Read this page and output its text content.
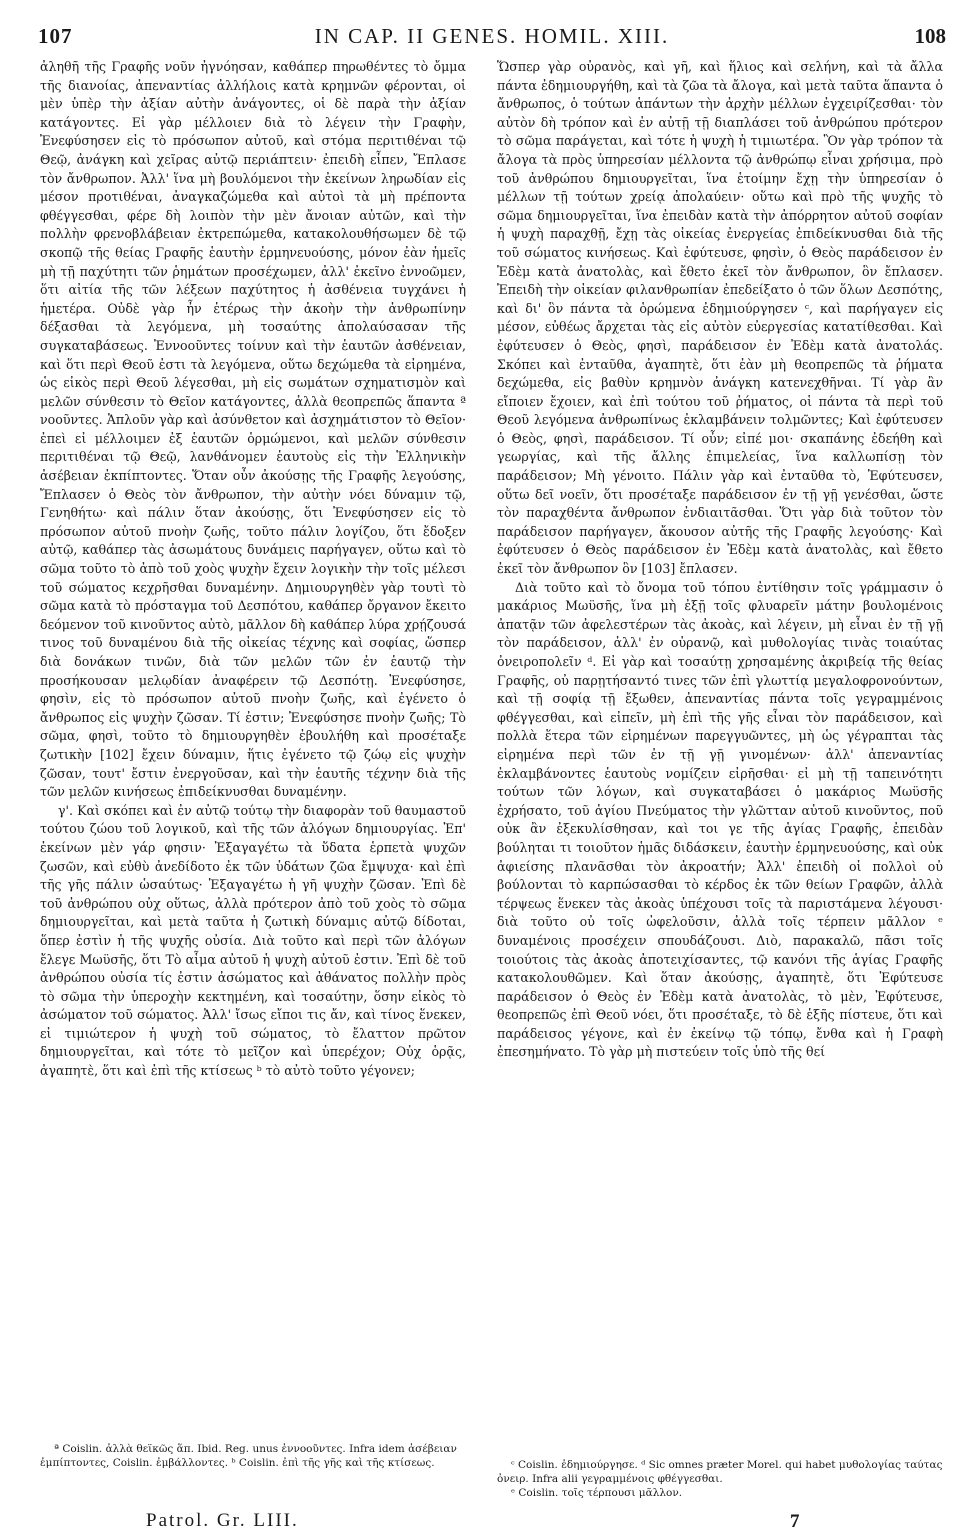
107	IN CAP. II GENES. HOMIL. XIII.	108

ἀληθῆ τῆς Γραφῆς νοῦν ἠγνόησαν, καθάπερ πηρωθέντες τὸ ὄμμα τῆς διανοίας, ἀπεναντίας ἀλλήλοις κατὰ κρημνῶν φέρονται, οἱ μὲν ὑπὲρ τὴν ἀξίαν αὐτὴν ἀνάγοντες, οἱ δὲ παρὰ τὴν ἀξίαν κατάγοντες. Εἰ γὰρ μέλλοιεν διὰ τὸ λέγειν τὴν Γραφὴν, Ἐνεφύσησεν εἰς τὸ πρόσωπον αὐτοῦ, καὶ στόμα περιτιθέναι τῷ Θεῷ, ἀνάγκη καὶ χεῖρας αὐτῷ περιάπτειν· ἐπειδὴ εἶπεν, Ἔπλασε τὸν ἄνθρωπον. Ἀλλ' ἵνα μὴ βουλόμενοι τὴν ἐκείνων ληρωδίαν εἰς μέσον προτιθέναι, ἀναγκαζώμεθα καὶ αὐτοὶ τὰ μὴ πρέποντα φθέγγεσθαι, φέρε δὴ λοιπὸν τὴν μὲν ἄνοιαν αὐτῶν, καὶ τὴν πολλὴν φρενοβλάβειαν ἐκτρεπώμεθα, κατακολουθήσωμεν δὲ τῷ σκοπῷ τῆς θείας Γραφῆς ἑαυτὴν ἑρμηνευούσης, μόνον ἐὰν ἡμεῖς μὴ τῇ παχύτητι τῶν ῥημάτων προσέχωμεν, ἀλλ' ἐκεῖνο ἐννοῶμεν, ὅτι αἰτία τῆς τῶν λέξεων παχύτητος ἡ ἀσθένεια τυγχάνει ἡ ἡμετέρα. Οὐδὲ γὰρ ἦν ἑτέρως τὴν ἀκοὴν τὴν ἀνθρωπίνην δέξασθαι τὰ λεγόμενα, μὴ τοσαύτης ἀπολαύσασαν τῆς συγκαταβάσεως. Ἐννοοῦντες τοίνυν καὶ τὴν ἑαυτῶν ἀσθένειαν, καὶ ὅτι περὶ Θεοῦ ἐστι τὰ λεγόμενα, οὕτω δεχώμεθα τὰ εἰρημένα, ὡς εἰκὸς περὶ Θεοῦ λέγεσθαι, μὴ εἰς σωμάτων σχηματισμὸν καὶ μελῶν σύνθεσιν τὸ Θεῖον κατάγοντες, ἀλλὰ θεοπρεπῶς ἅπαντα ª νοοῦντες. Ἁπλοῦν γὰρ καὶ ἀσύνθετον καὶ ἀσχημάτιστον τὸ Θεῖον· ἐπεὶ εἰ μέλλοιμεν ἐξ ἑαυτῶν ὁρμώμενοι, καὶ μελῶν σύνθεσιν περιτιθέναι τῷ Θεῷ, λανθάνομεν ἑαυτοὺς εἰς τὴν Ἑλληνικὴν ἀσέβειαν ἐκπίπτοντες. Ὅταν οὖν ἀκούσῃς τῆς Γραφῆς λεγούσης, Ἔπλασεν ὁ Θεὸς τὸν ἄνθρωπον, τὴν αὐτὴν νόει δύναμιν τῷ, Γενηθήτω· καὶ πάλιν ὅταν ἀκούσῃς, ὅτι Ἐνεφύσησεν εἰς τὸ πρόσωπον αὐτοῦ πνοὴν ζωῆς, τοῦτο πάλιν λογίζου, ὅτι ἔδοξεν αὐτῷ, καθάπερ τὰς ἀσωμάτους δυνάμεις παρήγαγεν, οὕτω καὶ τὸ σῶμα τοῦτο τὸ ἀπὸ τοῦ χοὸς ψυχὴν ἔχειν λογικὴν τὴν τοῖς μέλεσι τοῦ σώματος κεχρῆσθαι δυναμένην. Δημιουργηθὲν γὰρ τουτὶ τὸ σῶμα κατὰ τὸ πρόσταγμα τοῦ Δεσπότου, καθάπερ ὄργανον ἔκειτο δεόμενον τοῦ κινοῦντος αὐτὸ, μᾶλλον δὴ καθάπερ λύρα χρῄζουσά τινος τοῦ δυναμένου διὰ τῆς οἰκείας τέχνης καὶ σοφίας, ὥσπερ διὰ δονάκων τινῶν, διὰ τῶν μελῶν τῶν ἐν ἑαυτῷ τὴν προσήκουσαν μελῳδίαν ἀναφέρειν τῷ Δεσπότῃ. Ἐνεφύσησε, φησὶν, εἰς τὸ πρόσωπον αὐτοῦ πνοὴν ζωῆς, καὶ ἐγένετο ὁ ἄνθρωπος εἰς ψυχὴν ζῶσαν. Τί ἐστιν; Ἐνεφύσησε πνοὴν ζωῆς; Τὸ σῶμα, φησὶ, τοῦτο τὸ δημιουργηθὲν ἐβουλήθη καὶ προσέταξε ζωτικὴν [102] ἔχειν δύναμιν, ἥτις ἐγένετο τῷ ζώῳ εἰς ψυχὴν ζῶσαν, τουτ' ἔστιν ἐνεργοῦσαν, καὶ τὴν ἑαυτῆς τέχνην διὰ τῆς τῶν μελῶν κινήσεως ἐπιδείκνυσθαι δυναμένην.

γ'. Καὶ σκόπει καὶ ἐν αὐτῷ τούτῳ τὴν διαφορὰν τοῦ θαυμαστοῦ τούτου ζώου τοῦ λογικοῦ, καὶ τῆς τῶν ἀλόγων δημιουργίας. Ἐπ' ἐκείνων μὲν γάρ φησιν· Ἐξαγαγέτω τὰ ὕδατα ἑρπετὰ ψυχῶν ζωσῶν, καὶ εὐθὺ ἀνεδίδοτο ἐκ τῶν ὑδάτων ζῶα ἔμψυχα· καὶ ἐπὶ τῆς γῆς πάλιν ὡσαύτως· Ἐξαγαγέτω ἡ γῆ ψυχὴν ζῶσαν. Ἐπὶ δὲ τοῦ ἀνθρώπου οὐχ οὕτως, ἀλλὰ πρότερον ἀπὸ τοῦ χοὸς τὸ σῶμα δημιουργεῖται, καὶ μετὰ ταῦτα ἡ ζωτικὴ δύναμις αὐτῷ δίδοται, ὅπερ ἐστὶν ἡ τῆς ψυχῆς οὐσία. Διὰ τοῦτο καὶ περὶ τῶν ἀλόγων ἔλεγε Μωϋσῆς, ὅτι Τὸ αἷμα αὐτοῦ ἡ ψυχὴ αὐτοῦ ἐστιν. Ἐπὶ δὲ τοῦ ἀνθρώπου οὐσία τίς ἐστιν ἀσώματος καὶ ἀθάνατος πολλὴν πρὸς τὸ σῶμα τὴν ὑπεροχὴν κεκτημένη, καὶ τοσαύτην, ὅσην εἰκὸς τὸ ἀσώματον τοῦ σώματος. Ἀλλ' ἴσως εἴποι τις ἄν, καὶ τίνος ἕνεκεν, εἰ τιμιώτερον ἡ ψυχὴ τοῦ σώματος, τὸ ἔλαττον πρῶτον δημιουργεῖται, καὶ τότε τὸ μεῖζον καὶ ὑπερέχον; Οὐχ ὁρᾷς, ἀγαπητὲ, ὅτι καὶ ἐπὶ τῆς κτίσεως ᵇ τὸ αὐτὸ τοῦτο γέγονεν;

Ὥσπερ γὰρ οὐρανὸς, καὶ γῆ, καὶ ἥλιος καὶ σελήνη, καὶ τὰ ἄλλα πάντα ἐδημιουργήθη, καὶ τὰ ζῶα τὰ ἄλογα, καὶ μετὰ ταῦτα ἅπαντα ὁ ἄνθρωπος, ὁ τούτων ἁπάντων τὴν ἀρχὴν μέλλων ἐγχειρίζεσθαι· τὸν αὐτὸν δὴ τρόπον καὶ ἐν αὐτῇ τῇ διαπλάσει τοῦ ἀνθρώπου πρότερον τὸ σῶμα παράγεται, καὶ τότε ἡ ψυχὴ ἡ τιμιωτέρα. Ὃν γὰρ τρόπον τὰ ἄλογα τὰ πρὸς ὑπηρεσίαν μέλλοντα τῷ ἀνθρώπῳ εἶναι χρήσιμα, πρὸ τοῦ ἀνθρώπου δημιουργεῖται, ἵνα ἑτοίμην ἔχῃ τὴν ὑπηρεσίαν ὁ μέλλων τῇ τούτων χρείᾳ ἀπολαύειν· οὕτω καὶ πρὸ τῆς ψυχῆς τὸ σῶμα δημιουργεῖται, ἵνα ἐπειδὰν κατὰ τὴν ἀπόρρητον αὐτοῦ σοφίαν ἡ ψυχὴ παραχθῇ, ἔχῃ τὰς οἰκείας ἐνεργείας ἐπιδείκνυσθαι διὰ τῆς τοῦ σώματος κινήσεως. Καὶ ἐφύτευσε, φησὶν, ὁ Θεὸς παράδεισον ἐν Ἐδὲμ κατὰ ἀνατολὰς, καὶ ἔθετο ἐκεῖ τὸν ἄνθρωπον, ὃν ἔπλασεν. Ἐπειδὴ τὴν οἰκείαν φιλανθρωπίαν ἐπεδείξατο ὁ τῶν ὅλων Δεσπότης, καὶ δι' ὃν πάντα τὰ ὁρώμενα ἐδημιούργησεν ᶜ, καὶ παρήγαγεν εἰς μέσον, εὐθέως ἄρχεται τὰς εἰς αὐτὸν εὐεργεσίας κατατίθεσθαι. Καὶ ἐφύτευσεν ὁ Θεὸς, φησὶ, παράδεισον ἐν Ἐδὲμ κατὰ ἀνατολάς. Σκόπει καὶ ἐνταῦθα, ἀγαπητὲ, ὅτι ἐὰν μὴ θεοπρεπῶς τὰ ῥήματα δεχώμεθα, εἰς βαθὺν κρημνὸν ἀνάγκη κατενεχθῆναι. Τί γὰρ ἂν εἴποιεν ἔχοιεν, καὶ ἐπὶ τούτου τοῦ ῥήματος, οἱ πάντα τὰ περὶ τοῦ Θεοῦ λεγόμενα ἀνθρωπίνως ἐκλαμβάνειν τολμῶντες; Καὶ ἐφύτευσεν ὁ Θεὸς, φησὶ, παράδεισον. Τί οὖν; εἰπέ μοι· σκαπάνης ἐδεήθη καὶ γεωργίας, καὶ τῆς ἄλλης ἐπιμελείας, ἵνα καλλωπίσῃ τὸν παράδεισον; Μὴ γένοιτο. Πάλιν γὰρ καὶ ἐνταῦθα τὸ, Ἐφύτευσεν, οὕτω δεῖ νοεῖν, ὅτι προσέταξε παράδεισον ἐν τῇ γῇ γενέσθαι, ὥστε τὸν παραχθέντα ἄνθρωπον ἐνδιαιτᾶσθαι. Ὅτι γὰρ διὰ τοῦτον τὸν παράδεισον παρήγαγεν, ἄκουσον αὐτῆς τῆς Γραφῆς λεγούσης· Καὶ ἐφύτευσεν ὁ Θεὸς παράδεισον ἐν Ἐδὲμ κατὰ ἀνατολὰς, καὶ ἔθετο ἐκεῖ τὸν ἄνθρωπον ὃν [103] ἔπλασεν.

Διὰ τοῦτο καὶ τὸ ὄνομα τοῦ τόπου ἐντίθησιν τοῖς γράμμασιν ὁ μακάριος Μωϋσῆς, ἵνα μὴ ἐξῇ τοῖς φλυαρεῖν μάτην βουλομένοις ἀπατᾷν τῶν ἀφελεστέρων τὰς ἀκοὰς, καὶ λέγειν, μὴ εἶναι ἐν τῇ γῇ τὸν παράδεισον, ἀλλ' ἐν οὐρανῷ, καὶ μυθολογίας τινὰς τοιαύτας ὀνειροπολεῖν ᵈ. Εἰ γὰρ καὶ τοσαύτῃ χρησαμένης ἀκριβείᾳ τῆς θείας Γραφῆς, οὐ παρῃτήσαντό τινες τῶν ἐπὶ γλωττίᾳ μεγαλοφρονούντων, καὶ τῇ σοφίᾳ τῇ ἔξωθεν, ἀπεναντίας πάντα τοῖς γεγραμμένοις φθέγγεσθαι, καὶ εἰπεῖν, μὴ ἐπὶ τῆς γῆς εἶναι τὸν παράδεισον, καὶ πολλὰ ἕτερα τῶν εἰρημένων παρεγγυῶντες, μὴ ὡς γέγραπται τὰς εἰρημένα περὶ τῶν ἐν τῇ γῇ γινομένων· ἀλλ' ἀπεναντίας ἐκλαμβάνοντες ἑαυτοὺς νομίζειν εἰρῆσθαι· εἰ μὴ τῇ ταπεινότητι τούτων τῶν λόγων, καὶ συγκαταβάσει ὁ μακάριος Μωϋσῆς ἐχρήσατο, τοῦ ἁγίου Πνεύματος τὴν γλῶτταν αὐτοῦ κινοῦντος, ποῦ οὐκ ἂν ἐξεκυλίσθησαν, καὶ τοι γε τῆς ἁγίας Γραφῆς, ἐπειδὰν βούληται τι τοιοῦτον ἡμᾶς διδάσκειν, ἑαυτὴν ἑρμηνευούσης, καὶ οὐκ ἀφιείσης πλανᾶσθαι τὸν ἀκροατήν; Ἀλλ' ἐπειδὴ οἱ πολλοὶ οὐ βούλονται τὸ καρπώσασθαι τὸ κέρδος ἐκ τῶν θείων Γραφῶν, ἀλλὰ τέρψεως ἕνεκεν τὰς ἀκοὰς ὑπέχουσι τοῖς τὰ παριστάμενα λέγουσι· διὰ τοῦτο οὐ τοῖς ὠφελοῦσιν, ἀλλὰ τοῖς τέρπειν μᾶλλον ᵉ δυναμένοις προσέχειν σπουδάζουσι. Διὸ, παρακαλῶ, πᾶσι τοῖς τοιούτοις τὰς ἀκοὰς ἀποτειχίσαντες, τῷ κανόνι τῆς ἁγίας Γραφῆς κατακολουθῶμεν. Καὶ ὅταν ἀκούσῃς, ἀγαπητὲ, ὅτι Ἐφύτευσε παράδεισον ὁ Θεὸς ἐν Ἐδὲμ κατὰ ἀνατολὰς, τὸ μὲν, Ἐφύτευσε, θεοπρεπῶς ἐπὶ Θεοῦ νόει, ὅτι προσέταξε, τὸ δὲ ἑξῆς πίστευε, ὅτι καὶ παράδεισος γέγονε, καὶ ἐν ἐκείνῳ τῷ τόπῳ, ἔνθα καὶ ἡ Γραφὴ ἐπεσημήνατο. Τὸ γὰρ μὴ πιστεύειν τοῖς ὑπὸ τῆς θεί

ª Coislin. ἀλλὰ θεϊκῶς ἅπ. Ibid. Reg. unus ἐννοοῦντες. Infra idem ἀσέβειαν ἐμπίπτοντες, Coislin. ἐμβάλλοντες. ᵇ Coislin. ἐπὶ τῆς γῆς καὶ τῆς κτίσεως.	ᶜ Coislin. ἐδημιούργησε. ᵈ Sic omnes præter Morel. qui habet μυθολογίας ταύτας ὀνειρ. Infra alii γεγραμμένοις φθέγγεσθαι.

ᵉ Coislin. τοῖς τέρπουσι μᾶλλον.

Patrol. Gr. LIII.	7
